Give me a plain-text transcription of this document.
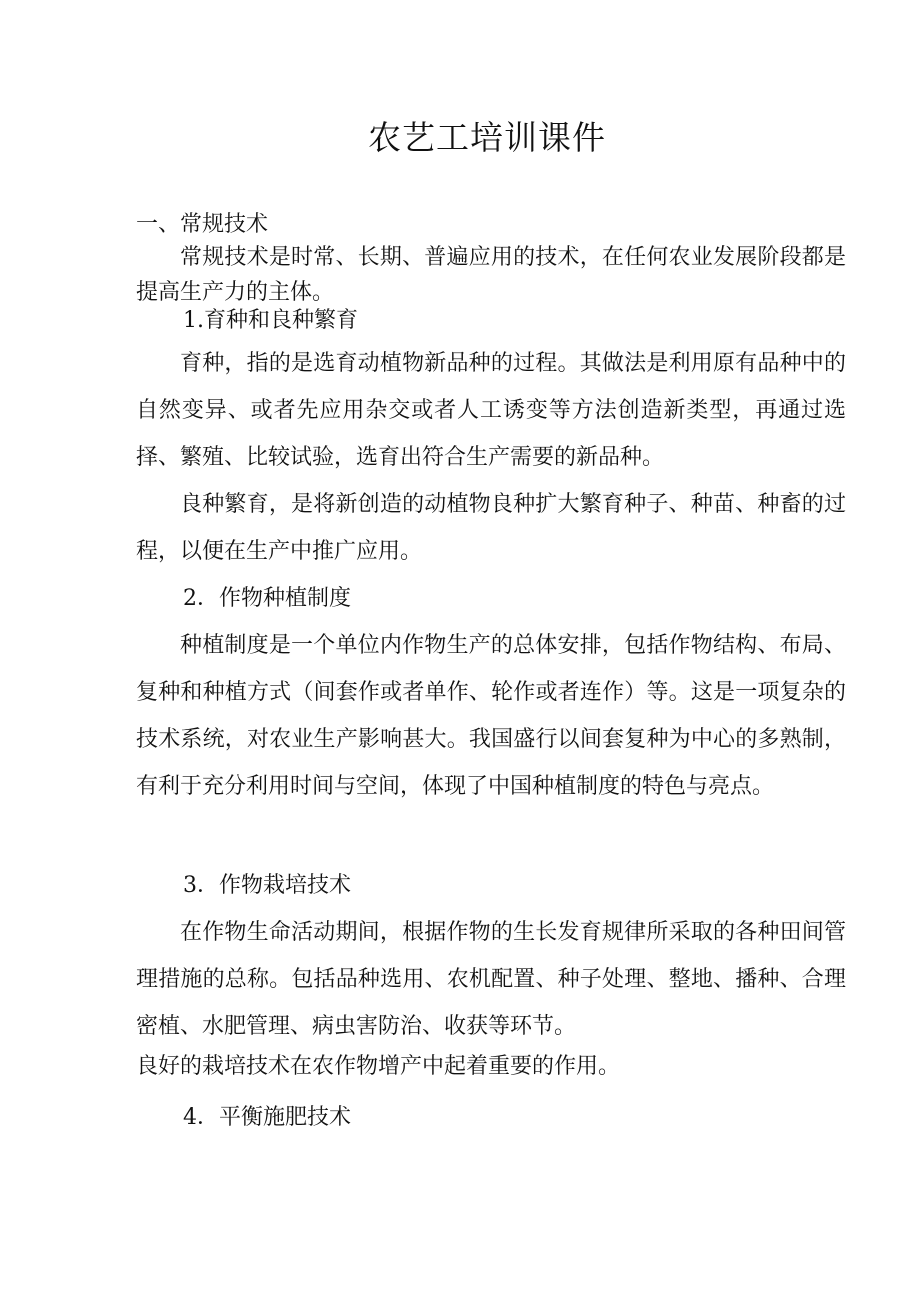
农艺工培训课件

一、常规技术

常规技术是时常、长期、普遍应用的技术，在任何农业发展阶段都是提高生产力的主体。

1.育种和良种繁育

育种，指的是选育动植物新品种的过程。其做法是利用原有品种中的自然变异、或者先应用杂交或者人工诱变等方法创造新类型，再通过选择、繁殖、比较试验，选育出符合生产需要的新品种。

良种繁育，是将新创造的动植物良种扩大繁育种子、种苗、种畜的过程，以便在生产中推广应用。

2．作物种植制度

种植制度是一个单位内作物生产的总体安排，包括作物结构、布局、复种和种植方式（间套作或者单作、轮作或者连作）等。这是一项复杂的技术系统，对农业生产影响甚大。我国盛行以间套复种为中心的多熟制，有利于充分利用时间与空间，体现了中国种植制度的特色与亮点。

3．作物栽培技术

在作物生命活动期间，根据作物的生长发育规律所采取的各种田间管理措施的总称。包括品种选用、农机配置、种子处理、整地、播种、合理密植、水肥管理、病虫害防治、收获等环节。

良好的栽培技术在农作物增产中起着重要的作用。

4．平衡施肥技术
